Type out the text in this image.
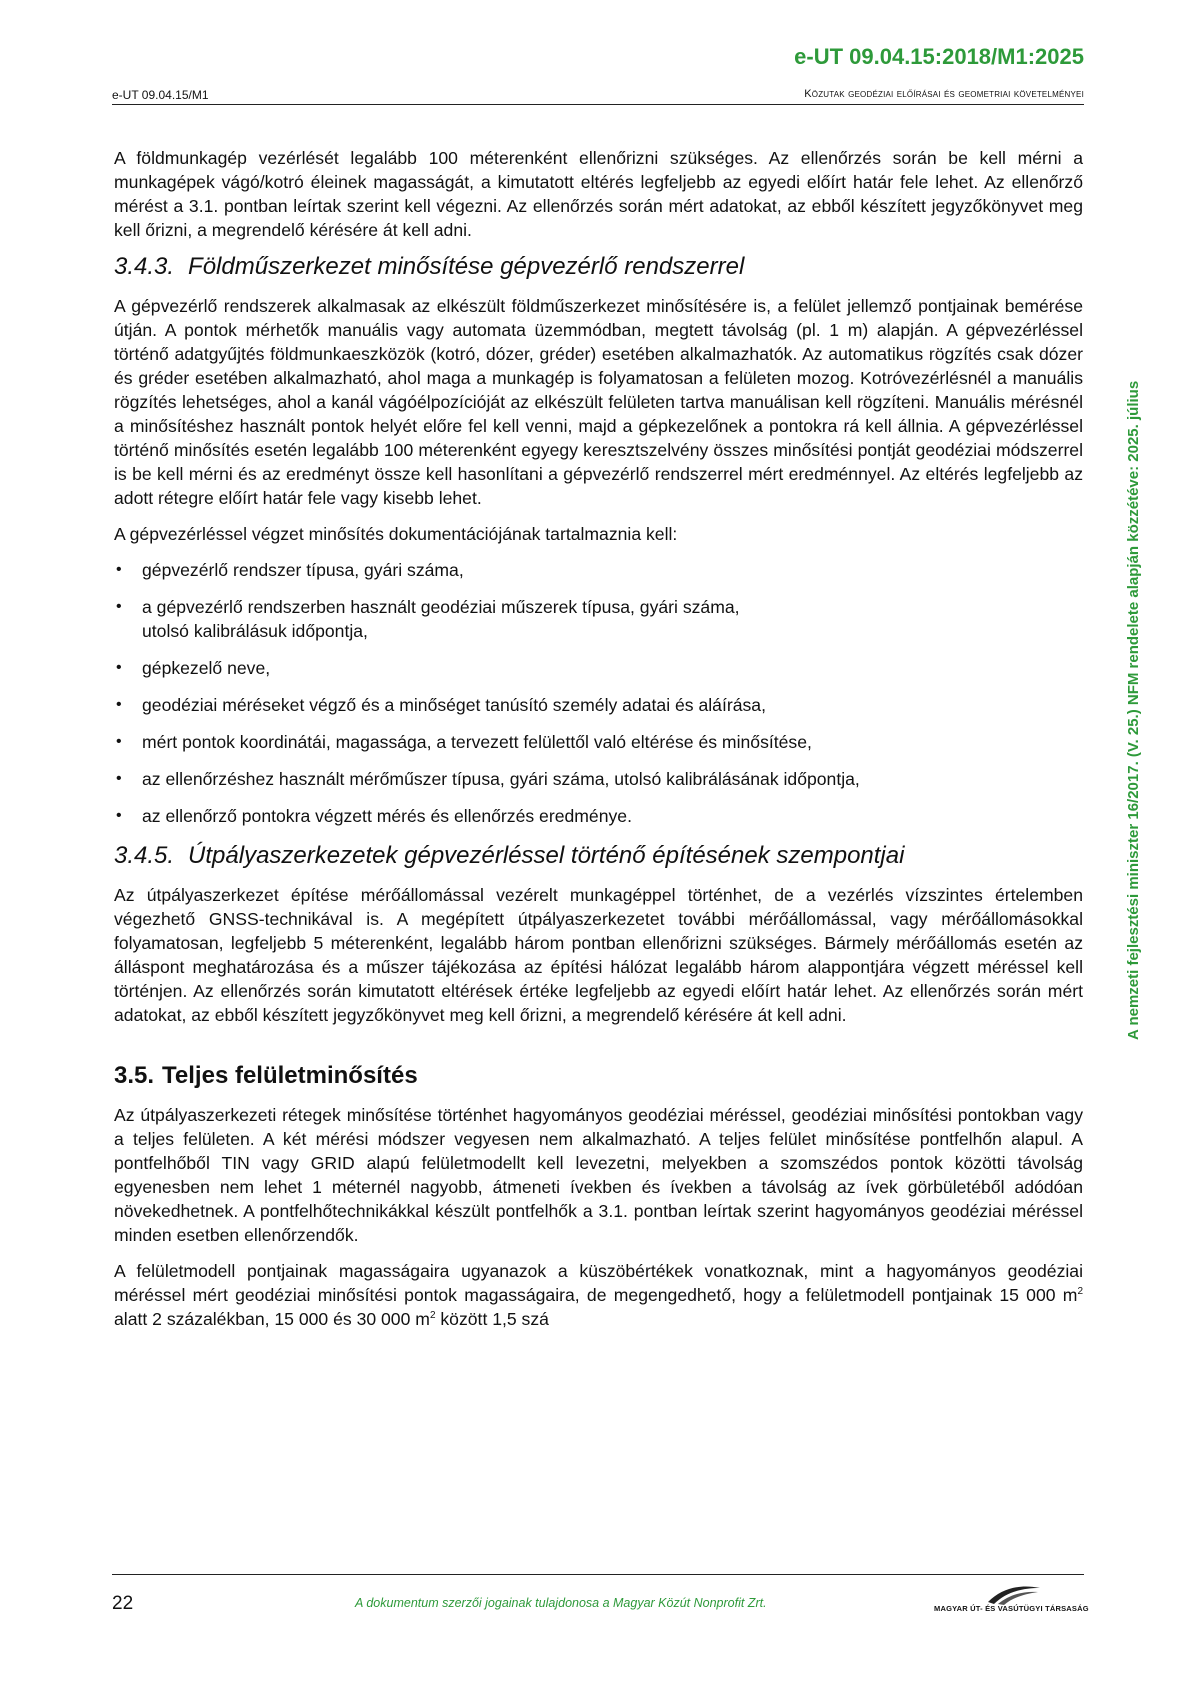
e-UT 09.04.15:2018/M1:2025
e-UT 09.04.15/M1	Közutak geodéziai előírásai és geometriai követelményei

A földmunkagép vezérlését legalább 100 méterenként ellenőrizni szükséges. Az ellenőrzés során be kell mérni a munkagépek vágó/kotró éleinek magasságát, a kimutatott eltérés legfeljebb az egyedi előírt határ fele lehet. Az ellenőrző mérést a 3.1. pontban leírtak szerint kell végezni. Az ellenőrzés során mért adatokat, az ebből készített jegyzőkönyvet meg kell őrizni, a megrendelő kérésére át kell adni.

3.4.3. Földműszerkezet minősítése gépvezérlő rendszerrel

A gépvezérlő rendszerek alkalmasak az elkészült földműszerkezet minősítésére is, a felület jellemző pontjainak bemérése útján. A pontok mérhetők manuális vagy automata üzemmódban, megtett távolság (pl. 1 m) alapján. A gépvezérléssel történő adatgyűjtés földmunkaeszközök (kotró, dózer, gréder) esetében alkalmazhatók. Az automatikus rögzítés csak dózer és gréder esetében alkalmazható, ahol maga a munkagép is folyamatosan a felületen mozog. Kotróvezérlésnél a manuális rögzítés lehetséges, ahol a kanál vágóélpozícióját az elkészült felületen tartva manuálisan kell rögzíteni. Manuális mérésnél a minősítéshez használt pontok helyét előre fel kell venni, majd a gépkezelőnek a pontokra rá kell állnia. A gépvezérléssel történő minősítés esetén legalább 100 méterenként egyegy keresztszelvény összes minősítési pontját geodéziai módszerrel is be kell mérni és az eredményt össze kell hasonlítani a gépvezérlő rendszerrel mért eredménnyel. Az eltérés legfeljebb az adott rétegre előírt határ fele vagy kisebb lehet.

A gépvezérléssel végzet minősítés dokumentációjának tartalmaznia kell:

• gépvezérlő rendszer típusa, gyári száma,
• a gépvezérlő rendszerben használt geodéziai műszerek típusa, gyári száma,
utolsó kalibrálásuk időpontja,
• gépkezelő neve,
• geodéziai méréseket végző és a minőséget tanúsító személy adatai és aláírása,
• mért pontok koordinátái, magassága, a tervezett felülettől való eltérése és minősítése,
• az ellenőrzéshez használt mérőműszer típusa, gyári száma, utolsó kalibrálásának időpontja,
• az ellenőrző pontokra végzett mérés és ellenőrzés eredménye.
3.4.5. Útpályaszerkezetek gépvezérléssel történő építésének szempontjai

Az útpályaszerkezet építése mérőállomással vezérelt munkagéppel történhet, de a vezérlés vízszintes értelemben végezhető GNSS-technikával is. A megépített útpályaszerkezetet további mérőállomással, vagy mérőállomásokkal folyamatosan, legfeljebb 5 méterenként, legalább három pontban ellenőrizni szükséges. Bármely mérőállomás esetén az álláspont meghatározása és a műszer tájékozása az építési hálózat legalább három alappontjára végzett méréssel kell történjen. Az ellenőrzés során kimutatott eltérések értéke legfeljebb az egyedi előírt határ lehet. Az ellenőrzés során mért adatokat, az ebből készített jegyzőkönyvet meg kell őrizni, a megrendelő kérésére át kell adni.

3.5. Teljes felületminősítés

Az útpályaszerkezeti rétegek minősítése történhet hagyományos geodéziai méréssel, geodéziai minősítési pontokban vagy a teljes felületen. A két mérési módszer vegyesen nem alkalmazható. A teljes felület minősítése pontfelhőn alapul. A pontfelhőből TIN vagy GRID alapú felületmodellt kell levezetni, melyekben a szomszédos pontok közötti távolság egyenesben nem lehet 1 méternél nagyobb, átmeneti ívekben és ívekben a távolság az ívek görbületéből adódóan növekedhetnek. A pontfelhőtechnikákkal készült pontfelhők a 3.1. pontban leírtak szerint hagyományos geodéziai méréssel minden esetben ellenőrzendők.

A felületmodell pontjainak magasságaira ugyanazok a küszöbértékek vonatkoznak, mint a hagyományos geodéziai méréssel mért geodéziai minősítési pontok magasságaira, de megengedhető, hogy a felületmodell pontjainak 15 000 $m^2$ alatt 2 százalékban, 15 000 és 30 000 $m^2$ között 1,5 szá

A nemzeti fejlesztési miniszter 16/2017. (V. 25.) NFM rendelete alapján közzétéve: 2025. július
22	A dokumentum szerzői jogainak tulajdonosa a Magyar Közút Nonprofit Zrt.	MAGYAR ÚT- ÉS VASÚTÜGYI TÁRSASÁG
